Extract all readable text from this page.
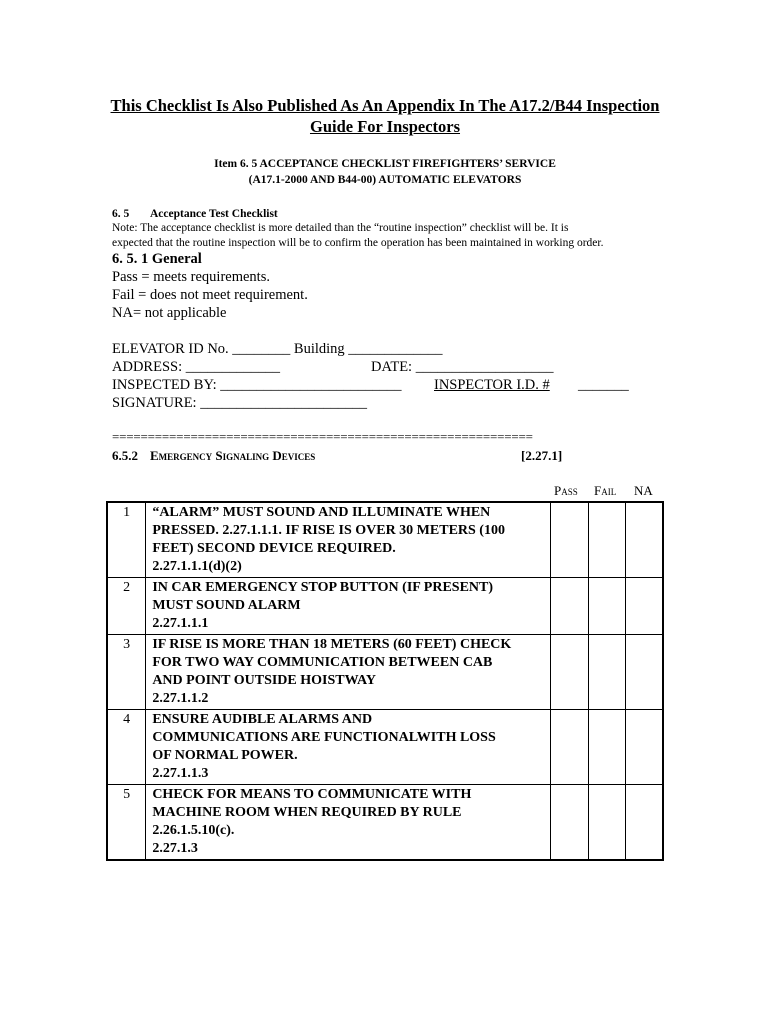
This Checklist Is Also Published As An Appendix In The A17.2/B44 Inspection
Guide For Inspectors
Item 6. 5 ACCEPTANCE CHECKLIST FIREFIGHTERS’ SERVICE
(A17.1-2000 AND B44-00) AUTOMATIC ELEVATORS
6. 5 Acceptance Test Checklist
Note: The acceptance checklist is more detailed than the “routine inspection” checklist will be. It is
expected that the routine inspection will be to confirm the operation has been maintained in working order.
6. 5. 1 General
Pass = meets requirements.
Fail = does not meet requirement.
NA= not applicable
ELEVATOR ID No. ________ Building _____________
ADDRESS: _____________	DATE: ___________________
INSPECTED BY: _________________________ INSPECTOR I.D. # _______
SIGNATURE: _______________________
===========================================================
6.5.2 Emergency Signaling Devices	[2.27.1]
Pass Fail NA
1	“ALARM” MUST SOUND AND ILLUMINATE WHEN
PRESSED. 2.27.1.1.1. IF RISE IS OVER 30 METERS (100
FEET) SECOND DEVICE REQUIRED.
2.27.1.1.1(d)(2)			

2	IN CAR EMERGENCY STOP BUTTON (IF PRESENT)
MUST SOUND ALARM
2.27.1.1.1			

3	IF RISE IS MORE THAN 18 METERS (60 FEET) CHECK
FOR TWO WAY COMMUNICATION BETWEEN CAB
AND POINT OUTSIDE HOISTWAY
2.27.1.1.2			

4	ENSURE AUDIBLE ALARMS AND
COMMUNICATIONS ARE FUNCTIONALWITH LOSS
OF NORMAL POWER.
2.27.1.1.3			

5	CHECK FOR MEANS TO COMMUNICATE WITH
MACHINE ROOM WHEN REQUIRED BY RULE
2.26.1.5.10(c).
2.27.1.3			
